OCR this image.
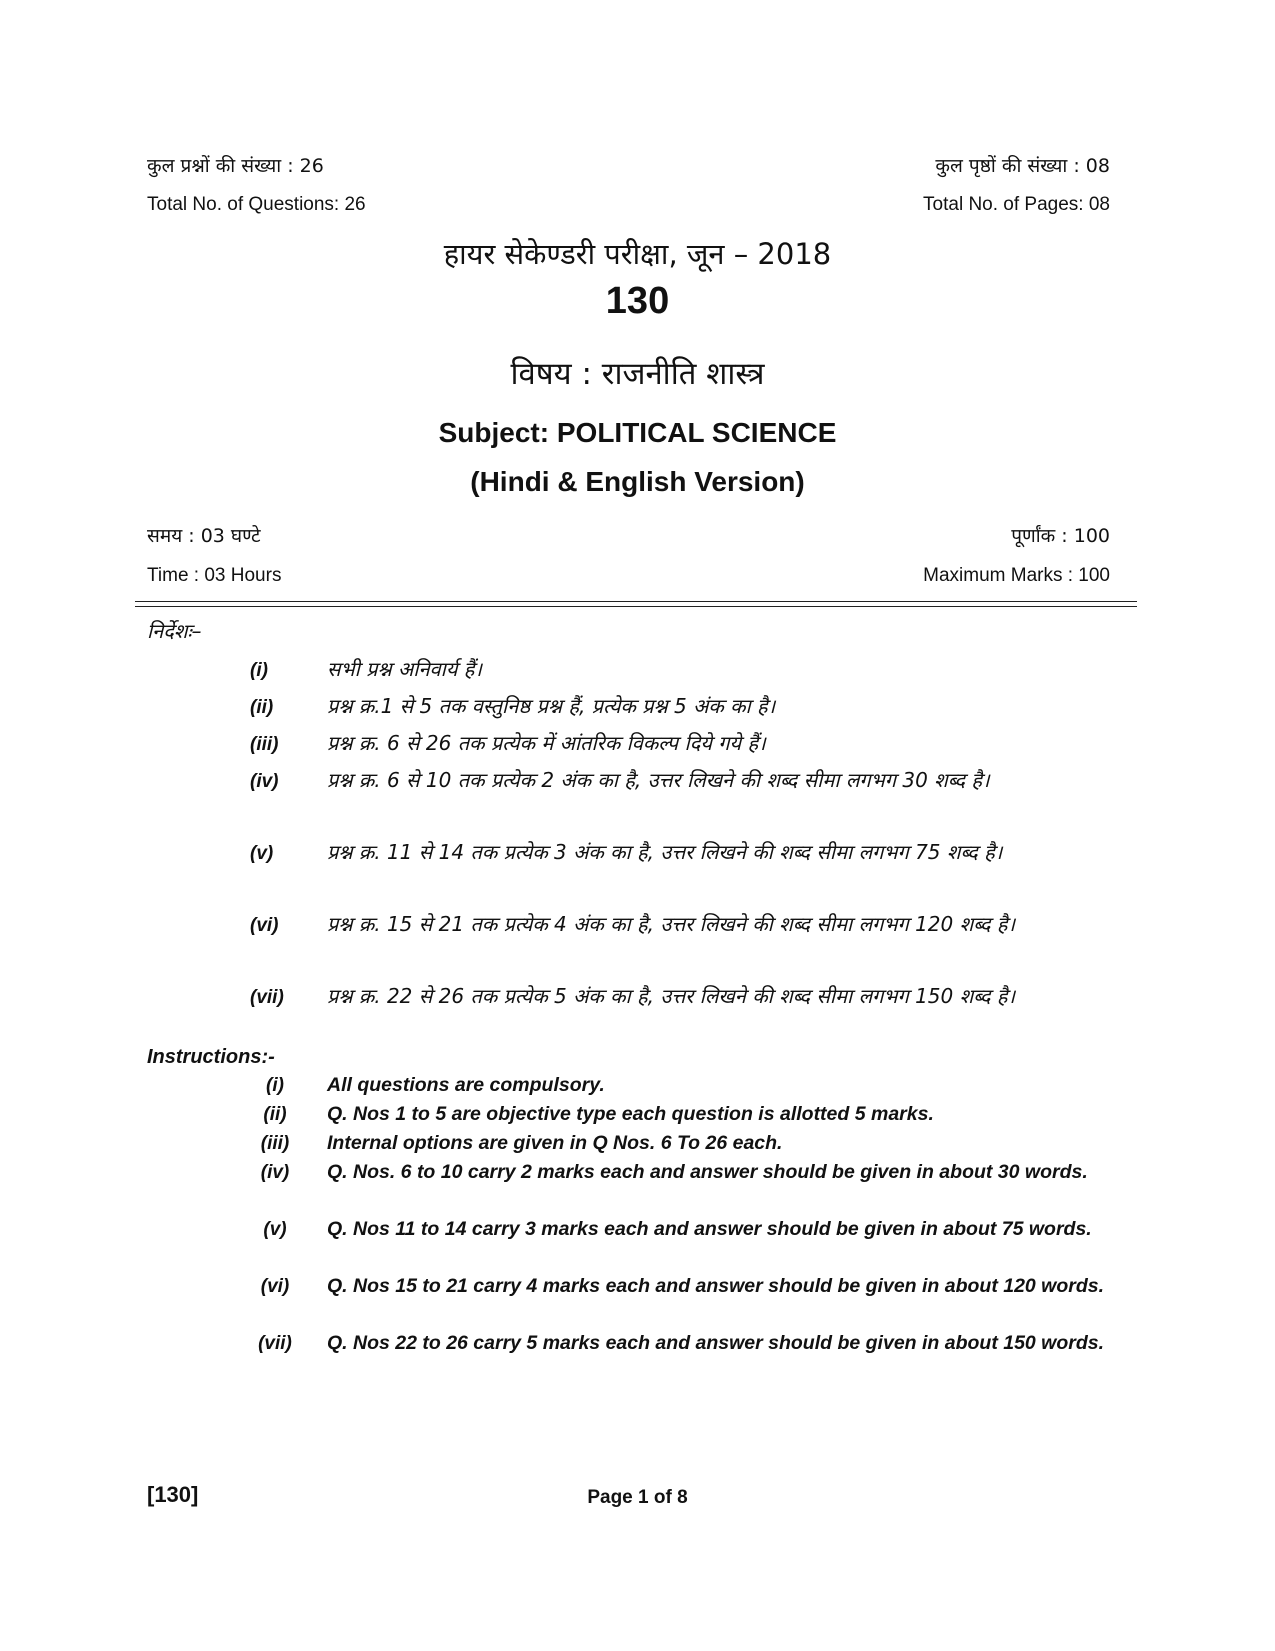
कुल प्रश्नों की संख्या : 26	कुल पृष्ठों की संख्या : 08
Total No. of Questions: 26	Total No. of Pages: 08
हायर सेकेण्डरी परीक्षा, जून – 2018
130
विषय : राजनीति शास्त्र
Subject: POLITICAL SCIENCE
(Hindi & English Version)
समय : 03 घण्टे	पूर्णांक : 100
Time : 03 Hours	Maximum Marks : 100
निर्देशः–
(i)	सभी प्रश्न अनिवार्य हैं।
(ii)	प्रश्न क्र.1 से 5 तक वस्तुनिष्ठ प्रश्न हैं, प्रत्येक प्रश्न 5 अंक का है।
(iii)	प्रश्न क्र. 6 से 26 तक प्रत्येक में आंतरिक विकल्प दिये गये हैं।
(iv)	प्रश्न क्र. 6 से 10 तक प्रत्येक 2 अंक का है, उत्तर लिखने की शब्द सीमा लगभग 30 शब्द है।
(v)	प्रश्न क्र. 11 से 14 तक प्रत्येक 3 अंक का है, उत्तर लिखने की शब्द सीमा लगभग 75 शब्द है।
(vi)	प्रश्न क्र. 15 से 21 तक प्रत्येक 4 अंक का है, उत्तर लिखने की शब्द सीमा लगभग 120 शब्द है।
(vii)	प्रश्न क्र. 22 से 26 तक प्रत्येक 5 अंक का है, उत्तर लिखने की शब्द सीमा लगभग 150 शब्द है।
Instructions:-
(i)	All questions are compulsory.
(ii)	Q. Nos 1 to 5 are objective type each question is allotted 5 marks.
(iii)	Internal options are given in Q Nos. 6 To 26 each.
(iv)	Q. Nos. 6 to 10 carry 2 marks each and answer should be given in about 30 words.
(v)	Q. Nos 11 to 14 carry 3 marks each and answer should be given in about 75 words.
(vi)	Q. Nos 15 to 21 carry 4 marks each and answer should be given in about 120 words.
(vii)	Q. Nos 22 to 26 carry 5 marks each and answer should be given in about 150 words.
[130]	Page 1 of 8
